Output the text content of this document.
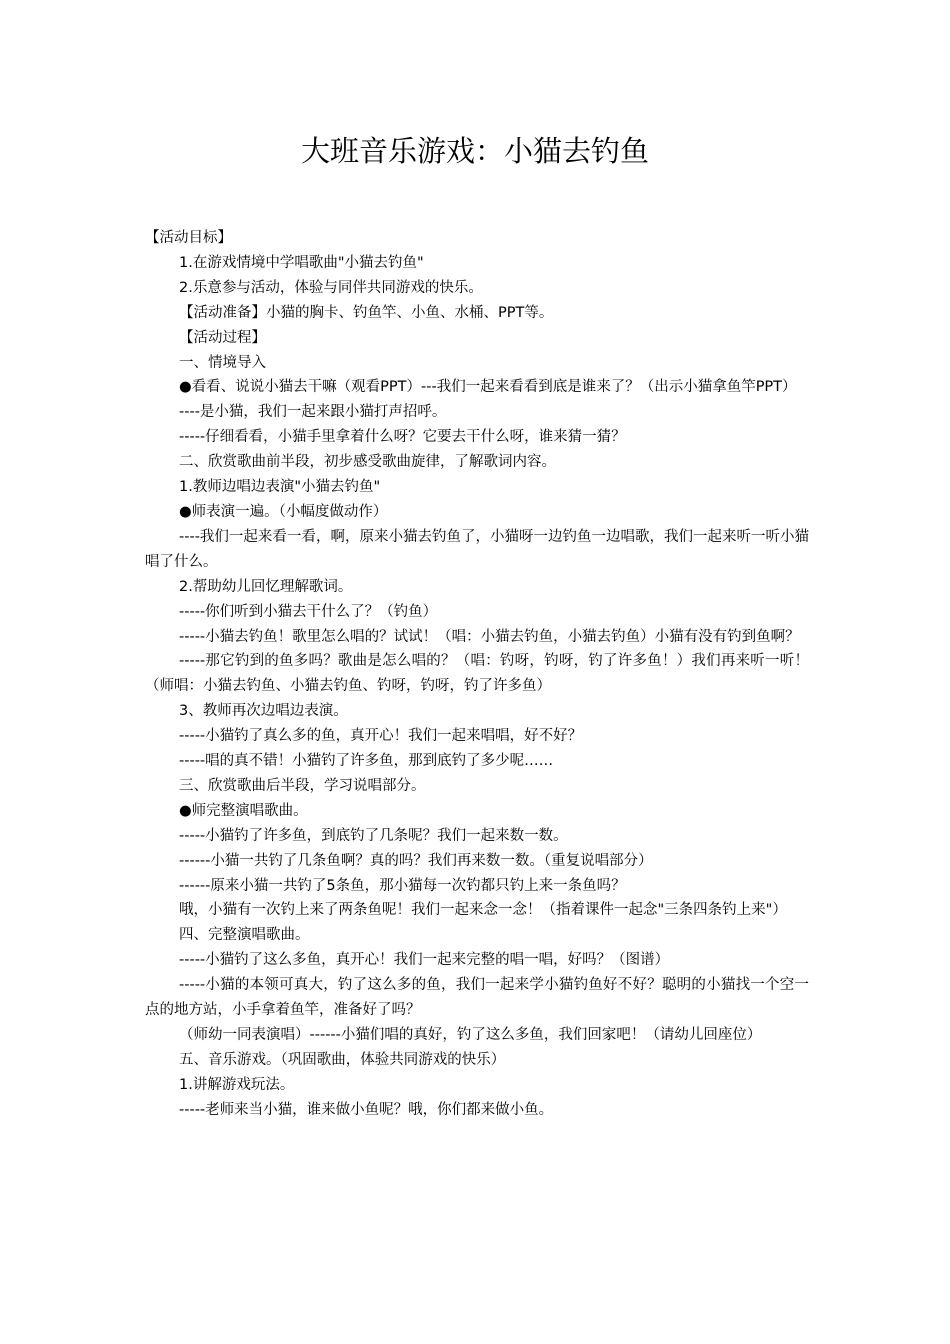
大班音乐游戏：小猫去钓鱼

【活动目标】

1.在游戏情境中学唱歌曲"小猫去钓鱼"

2.乐意参与活动，体验与同伴共同游戏的快乐。

【活动准备】小猫的胸卡、钓鱼竿、小鱼、水桶、PPT等。

【活动过程】

一、情境导入

●看看、说说小猫去干嘛（观看PPT）---我们一起来看看到底是谁来了？（出示小猫拿鱼竿PPT）

----是小猫，我们一起来跟小猫打声招呼。

-----仔细看看，小猫手里拿着什么呀？它要去干什么呀，谁来猜一猜？

二、欣赏歌曲前半段，初步感受歌曲旋律，了解歌词内容。

1.教师边唱边表演"小猫去钓鱼"

●师表演一遍。（小幅度做动作）

----我们一起来看一看，啊，原来小猫去钓鱼了，小猫呀一边钓鱼一边唱歌，我们一起来听一听小猫唱了什么。

2.帮助幼儿回忆理解歌词。

-----你们听到小猫去干什么了？（钓鱼）

-----小猫去钓鱼！歌里怎么唱的？试试！（唱：小猫去钓鱼，小猫去钓鱼）小猫有没有钓到鱼啊？

-----那它钓到的鱼多吗？歌曲是怎么唱的？（唱：钓呀，钓呀，钓了许多鱼！）我们再来听一听！（师唱：小猫去钓鱼、小猫去钓鱼、钓呀，钓呀，钓了许多鱼）

3、教师再次边唱边表演。

-----小猫钓了真么多的鱼，真开心！我们一起来唱唱，好不好？

-----唱的真不错！小猫钓了许多鱼，那到底钓了多少呢……

三、欣赏歌曲后半段，学习说唱部分。

●师完整演唱歌曲。

-----小猫钓了许多鱼，到底钓了几条呢？我们一起来数一数。

------小猫一共钓了几条鱼啊？真的吗？我们再来数一数。（重复说唱部分）

------原来小猫一共钓了5条鱼，那小猫每一次钓都只钓上来一条鱼吗？

哦，小猫有一次钓上来了两条鱼呢！我们一起来念一念！（指着课件一起念"三条四条钓上来"）

四、完整演唱歌曲。

-----小猫钓了这么多鱼，真开心！我们一起来完整的唱一唱，好吗？（图谱）

-----小猫的本领可真大，钓了这么多的鱼，我们一起来学小猫钓鱼好不好？聪明的小猫找一个空一点的地方站，小手拿着鱼竿，准备好了吗？

（师幼一同表演唱）------小猫们唱的真好，钓了这么多鱼，我们回家吧！（请幼儿回座位）

五、音乐游戏。（巩固歌曲，体验共同游戏的快乐）

1.讲解游戏玩法。

-----老师来当小猫，谁来做小鱼呢？哦，你们都来做小鱼。
